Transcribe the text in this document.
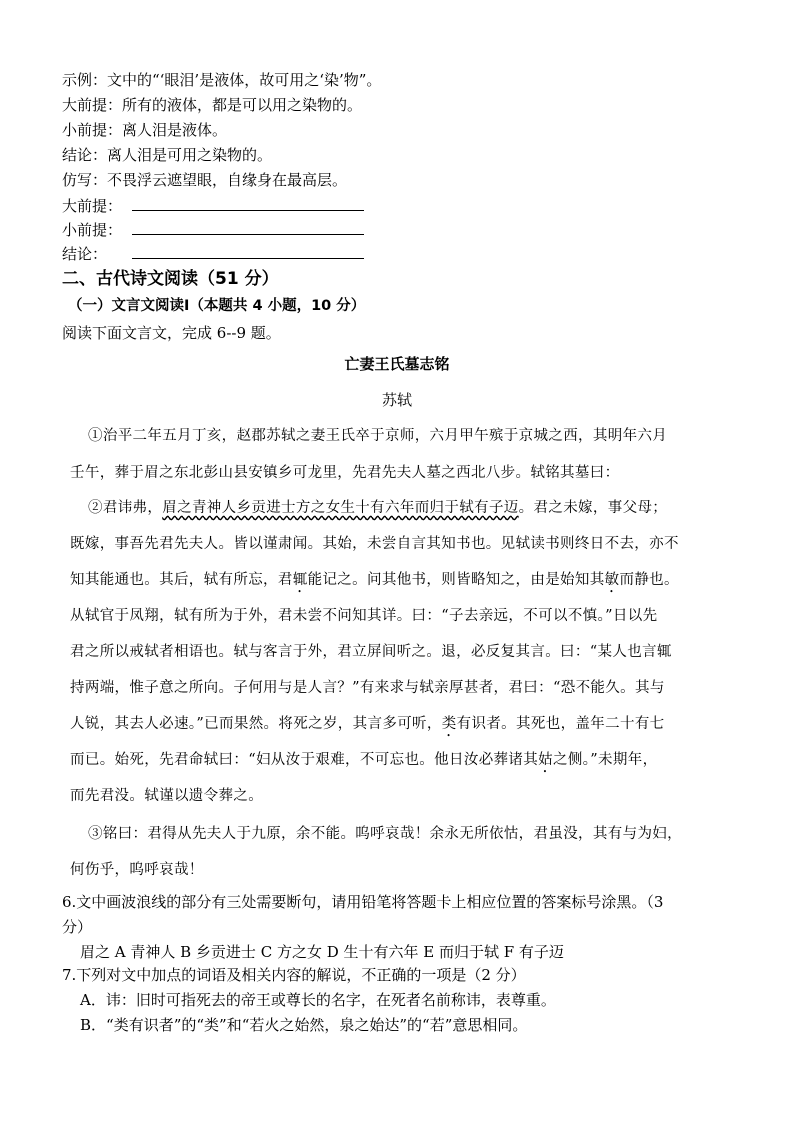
示例：文中的“‘眼泪’是液体，故可用之‘染’物”。
大前提：所有的液体，都是可以用之染物的。
小前提：离人泪是液体。
结论：离人泪是可用之染物的。
仿写：不畏浮云遮望眼，自缘身在最高层。
大前提：
小前提：
结论：
二、古代诗文阅读（51 分）
（一）文言文阅读Ⅰ（本题共 4 小题，10 分）
阅读下面文言文，完成 6--9 题。
亡妻王氏墓志铭
苏轼
①治平二年五月丁亥，赵郡苏轼之妻王氏卒于京师，六月甲午殡于京城之西，其明年六月
壬午，葬于眉之东北彭山县安镇乡可龙里，先君先夫人墓之西北八步。轼铭其墓曰：
②君讳弗，眉之青神人乡贡进士方之女生十有六年而归于轼有子迈。君之未嫁，事父母；
既嫁，事吾先君先夫人。皆以谨肃闻。其始，未尝自言其知书也。见轼读书则终日不去，亦不
知其能通也。其后，轼有所忘，君辄能记之。问其他书，则皆略知之，由是始知其敏而静也。
从轼官于凤翔，轼有所为于外，君未尝不问知其详。曰：“子去亲远，不可以不慎。”日以先
君之所以戒轼者相语也。轼与客言于外，君立屏间听之。退，必反复其言。曰：“某人也言辄
持两端，惟子意之所向。子何用与是人言？”有来求与轼亲厚甚者，君曰：“恐不能久。其与
人锐，其去人必速。”已而果然。将死之岁，其言多可听，类有识者。其死也，盖年二十有七
而已。始死，先君命轼曰：“妇从汝于艰难，不可忘也。他日汝必葬诸其姑之侧。”未期年，
而先君没。轼谨以遗令葬之。
③铭曰：君得从先夫人于九原，余不能。呜呼哀哉！余永无所依怙，君虽没，其有与为妇，
何伤乎，呜呼哀哉！
6.文中画波浪线的部分有三处需要断句，请用铅笔将答题卡上相应位置的答案标号涂黑。（3
分）
眉之 A 青神人 B 乡贡进士 C 方之女 D 生十有六年 E 而归于轼 F 有子迈
7.下列对文中加点的词语及相关内容的解说，不正确的一项是（2 分）
A．讳：旧时可指死去的帝王或尊长的名字，在死者名前称讳，表尊重。
B．“类有识者”的“类”和“若火之始然，泉之始达”的“若”意思相同。
